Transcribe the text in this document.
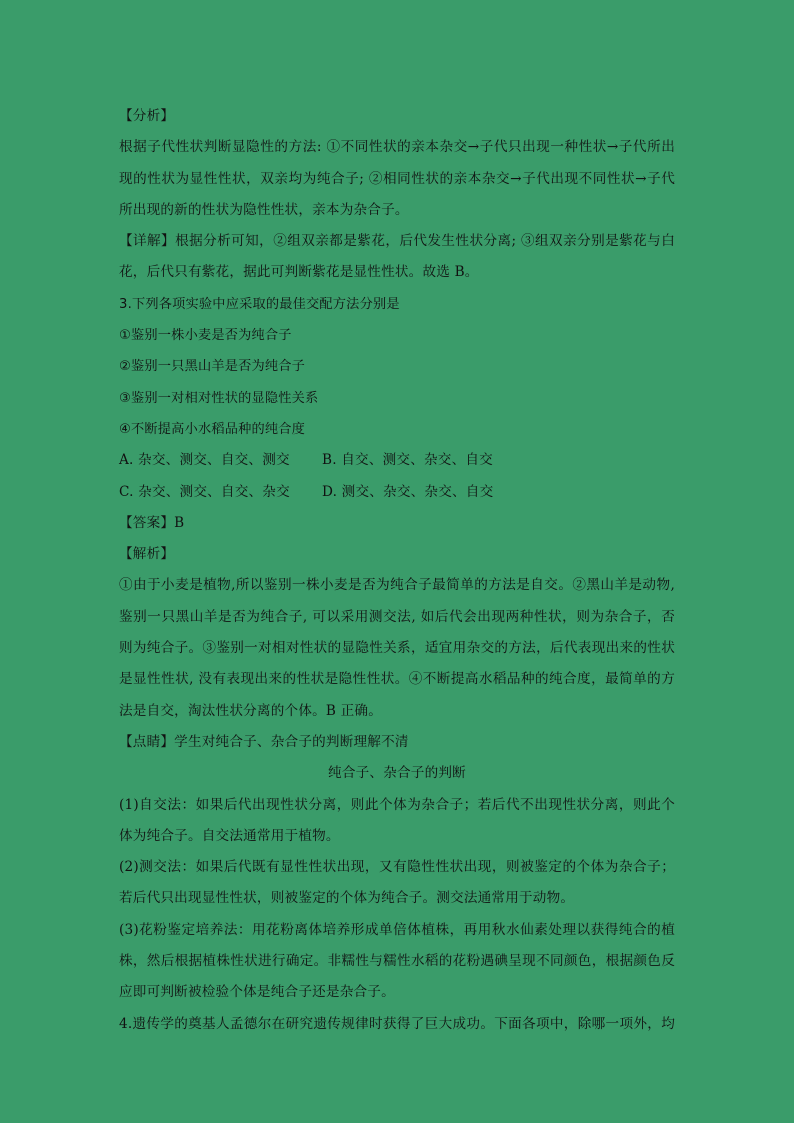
【分析】
根据子代性状判断显隐性的方法: ①不同性状的亲本杂交→子代只出现一种性状→子代所出
现的性状为显性性状，双亲均为纯合子; ②相同性状的亲本杂交→子代出现不同性状→子代
所出现的新的性状为隐性性状，亲本为杂合子。
【详解】根据分析可知，②组双亲都是紫花，后代发生性状分离; ③组双亲分别是紫花与白
花，后代只有紫花，据此可判断紫花是显性性状。故选 B。
3.下列各项实验中应采取的最佳交配方法分别是
①鉴别一株小麦是否为纯合子
②鉴别一只黑山羊是否为纯合子
③鉴别一对相对性状的显隐性关系
④不断提高小水稻品种的纯合度
A. 杂交、测交、自交、测交	B. 自交、测交、杂交、自交
C. 杂交、测交、自交、杂交	D. 测交、杂交、杂交、自交
【答案】B
【解析】
①由于小麦是植物,所以鉴别一株小麦是否为纯合子最简单的方法是自交。②黑山羊是动物,
鉴别一只黑山羊是否为纯合子, 可以采用测交法, 如后代会出现两种性状，则为杂合子，否
则为纯合子。③鉴别一对相对性状的显隐性关系，适宜用杂交的方法，后代表现出来的性状
是显性性状, 没有表现出来的性状是隐性性状。④不断提高水稻品种的纯合度，最简单的方
法是自交，淘汰性状分离的个体。B 正确。
【点睛】学生对纯合子、杂合子的判断理解不清
纯合子、杂合子的判断
(1)自交法：如果后代出现性状分离，则此个体为杂合子；若后代不出现性状分离，则此个
体为纯合子。自交法通常用于植物。
(2)测交法：如果后代既有显性性状出现，又有隐性性状出现，则被鉴定的个体为杂合子；
若后代只出现显性性状，则被鉴定的个体为纯合子。测交法通常用于动物。
(3)花粉鉴定培养法：用花粉离体培养形成单倍体植株，再用秋水仙素处理以获得纯合的植
株，然后根据植株性状进行确定。非糯性与糯性水稻的花粉遇碘呈现不同颜色，根据颜色反
应即可判断被检验个体是纯合子还是杂合子。
4.遗传学的奠基人孟德尔在研究遗传规律时获得了巨大成功。下面各项中，除哪一项外，均
